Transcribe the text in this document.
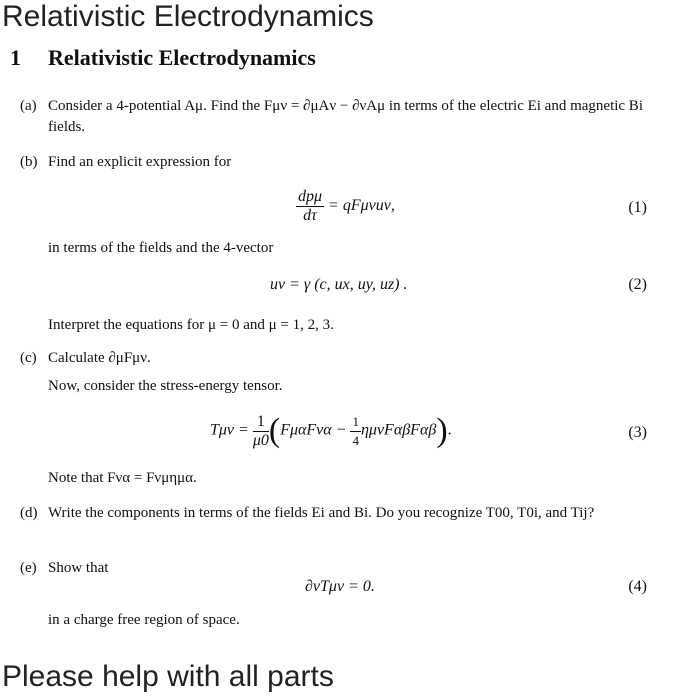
Relativistic Electrodynamics
1 Relativistic Electrodynamics
(a) Consider a 4-potential Aμ. Find the Fμν = ∂μAν − ∂νAμ in terms of the electric Ei and magnetic Bi fields.
(b) Find an explicit expression for
$\frac{\text{dpμ}}{d\tau} = qF\mu\nu u\nu$,	(1)
in terms of the fields and the 4-vector
uν = γ (c, ux, uy, uz) .	(2)
Interpret the equations for μ = 0 and μ = 1, 2, 3.
(c) Calculate ∂μFμν.
Now, consider the stress-energy tensor.
$T\mu\nu = \frac{1}{\mu 0} (F\mu\alpha F\nu\alpha - \frac{1}{4} \eta\mu\nu F\alpha\beta F\alpha\beta)$.	(3)
Note that Fνα = Fνμημα.
(d) Write the components in terms of the fields Ei and Bi. Do you recognize T00, T0i, and Tij?
(e) Show that
∂νTμν = 0.	(4)
in a charge free region of space.
Please help with all parts
